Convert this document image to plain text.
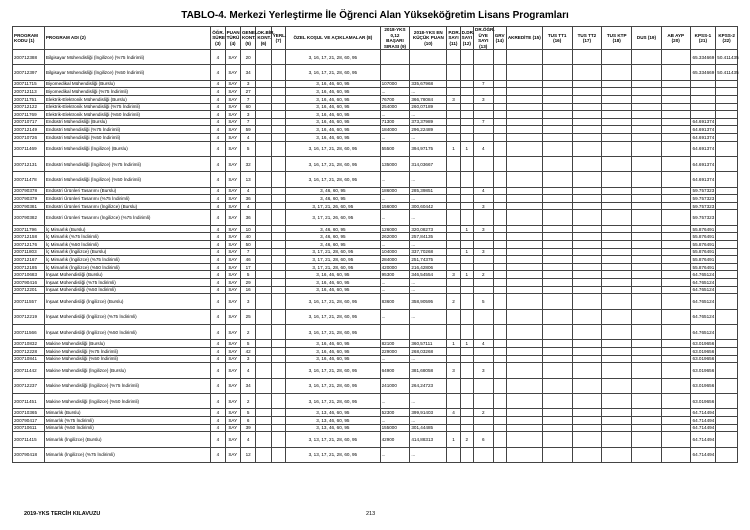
TABLO-4. Merkezi Yerleştirme İle Öğrenci Alan Yükseköğretim Lisans Programları
PROGRAM KODU (1)	PROGRAM ADI (2)	ÖĞR. SÜRE (3)	PUAN TÜRÜ (4)	GENEL KONT. (5)	OK.BİR. KONT. (6)	YERL. (7)	ÖZEL KOŞUL VE AÇIKLAMALAR (8)	2018-YKS 0,12 BAŞARI SIRASI (9)	2018-YKS EN KÜÇÜK PUAN (10)	P.DR. SAYI (11)	D.DR. SAYI (12)	DR.ÖĞR. ÜYE SAYI (13)	GRV (14)	AKREDİTE (15)	TUS TT1 (16)	TUS TT2 (17)	TUS KTP (18)	DUS (19)	AB AYP (20)	KPSS-1 (21)	KPSS-2 (22)
200712388	Bilgisayar Mühendisliği (İngilizce) (%75 İndirimli)	4	SAY	20			3, 16, 17, 21, 28, 60, 95													65.334669	50.411435
200712397	Bilgisayar Mühendisliği (İngilizce) (%50 İndirimli)	4	SAY	34			3, 16, 17, 21, 28, 60, 95													65.334669	50.411435
200711715	Biyomedikal Mühendisliği (Burslu)	4	SAY	3			3, 16, 46, 60, 95	107000	335,67968			7									
200712113	Biyomedikal Mühendisliği (%75 İndirimli)	4	SAY	27			3, 16, 46, 60, 95	...	...												
200711751	Elektrik-Elektronik Mühendisliği (Burslu)	4	SAY	7			3, 16, 46, 60, 95	76700	366,78084	3		3									
200712122	Elektrik-Elektronik Mühendisliği (%75 İndirimli)	4	SAY	60			3, 16, 46, 60, 95	254000	260,07189												
200711769	Elektrik-Elektronik Mühendisliği (%50 İndirimli)	4	SAY	3			3, 16, 46, 60, 95	...	...												
200710717	Endüstri Mühendisliği (Burslu)	4	SAY	7			3, 16, 46, 60, 95	71300	373,37989			7								64.691374	
200712149	Endüstri Mühendisliği (%75 İndirimli)	4	SAY	59			3, 16, 46, 60, 95	184000	296,22489											64.691374	
200710726	Endüstri Mühendisliği (%50 İndirimli)	4	SAY	4			3, 16, 46, 60, 95	...	...											64.691374	
200711469	Endüstri Mühendisliği (İngilizce) (Burslu)	4	SAY	5			3, 16, 17, 21, 28, 60, 95	55500	394,97175	1	1	4								64.691374	
200712131	Endüstri Mühendisliği (İngilizce) (%75 İndirimli)	4	SAY	32			3, 16, 17, 21, 28, 60, 95	135000	314,03667											64.691374	
200711478	Endüstri Mühendisliği (İngilizce) (%50 İndirimli)	4	SAY	13			3, 16, 17, 21, 28, 60, 95	...	...											64.691374	
200790378	Endüstri Ürünleri Tasarımı (Burslu)	4	SAY	4			3, 46, 60, 95	186000	285,39851			4								59.757323	
200790379	Endüstri Ürünleri Tasarımı (%75 İndirimli)	4	SAY	36			3, 46, 60, 95	...	...											59.757323	
200790381	Endüstri Ürünleri Tasarımı (İngilizce) (Burslu)	4	SAY	4			3, 17, 21, 26, 60, 95	156000	300,60442			3								59.757323	
200790382	Endüstri Ürünleri Tasarımı (İngilizce) (%75 İndirimli)	4	SAY	36			3, 17, 21, 26, 60, 95	...	...											59.757323	
200711796	İç Mimarlık (Burslu)	4	SAY	10			3, 46, 60, 95	126000	320,08273		1	3								55.876491	
200712158	İç Mimarlık (%75 İndirimli)	4	SAY	40			3, 46, 60, 95	262000	257,84135											55.876491	
200712176	İç Mimarlık (%50 İndirimli)	4	SAY	50			3, 46, 60, 95	...	...											55.876491	
200711803	İç Mimarlık (İngilizce) (Burslu)	4	SAY	7			3, 17, 21, 28, 60, 95	104000	337,70268		1	3								55.876491	
200712167	İç Mimarlık (İngilizce) (%75 İndirimli)	4	SAY	46			3, 17, 21, 28, 60, 95	284000	251,74375											55.876491	
200712185	İç Mimarlık (İngilizce) (%50 İndirimli)	4	SAY	17			3, 17, 21, 28, 60, 95	420000	216,42806											55.876491	
200710683	İnşaat Mühendisliği (Burslu)	4	SAY	5			3, 16, 46, 60, 95	95300	346,54554	3	1	2								64.765124	
200790416	İnşaat Mühendisliği (%75 İndirimli)	4	SAY	29			3, 16, 46, 60, 95	...	...											64.765124	
200712201	İnşaat Mühendisliği (%50 İndirimli)	4	SAY	16			3, 16, 46, 60, 95	...	...											64.765124	
200711557	İnşaat Mühendisliği (İngilizce) (Burslu)	4	SAY	3			3, 16, 17, 21, 28, 60, 95	83600	358,90595	2		5								64.765124	
200712219	İnşaat Mühendisliği (İngilizce) (%75 İndirimli)	4	SAY	25			3, 16, 17, 21, 28, 60, 95	...	...											64.765124	
200711566	İnşaat Mühendisliği (İngilizce) (%50 İndirimli)	4	SAY	2			3, 16, 17, 21, 28, 60, 95													64.765124	
200710832	Makine Mühendisliği (Burslu)	4	SAY	5			3, 16, 46, 60, 95	82100	360,57111	1	1	4								63.019656	
200712228	Makine Mühendisliği (%75 İndirimli)	4	SAY	42			3, 16, 46, 60, 95	229000	268,03268											63.019656	
200710841	Makine Mühendisliği (%50 İndirimli)	4	SAY	3			3, 16, 46, 60, 95	...	...											63.019656	
200711442	Makine Mühendisliği (İngilizce) (Burslu)	4	SAY	4			3, 16, 17, 21, 28, 60, 95	64900	381,68058	3		3								63.019656	
200712237	Makine Mühendisliği (İngilizce) (%75 İndirimli)	4	SAY	34			3, 16, 17, 21, 28, 60, 95	241000	264,24723											63.019656	
200711451	Makine Mühendisliği (İngilizce) (%50 İndirimli)	4	SAY	2			3, 16, 17, 21, 28, 60, 95	...	...											63.019656	
200710365	Mimarlık (Burslu)	4	SAY	5			3, 13, 46, 60, 95	52300	399,91403	4		2								64.714494	
200790417	Mimarlık (%75 İndirimli)	4	SAY	6			3, 13, 46, 60, 95	...	...											64.714494	
200710611	Mimarlık (%50 İndirimli)	4	SAY	39			3, 13, 46, 60, 95	155000	301,44485											64.714494	
200711415	Mimarlık (İngilizce) (Burslu)	4	SAY	4			3, 13, 17, 21, 28, 60, 95	42900	414,88313	1	2	6								64.714494	
200790418	Mimarlık (İngilizce) (%75 İndirimli)	4	SAY	12			3, 13, 17, 21, 28, 60, 95	...	...											64.714494	
2019-YKS TERCİH KILAVUZU	213
